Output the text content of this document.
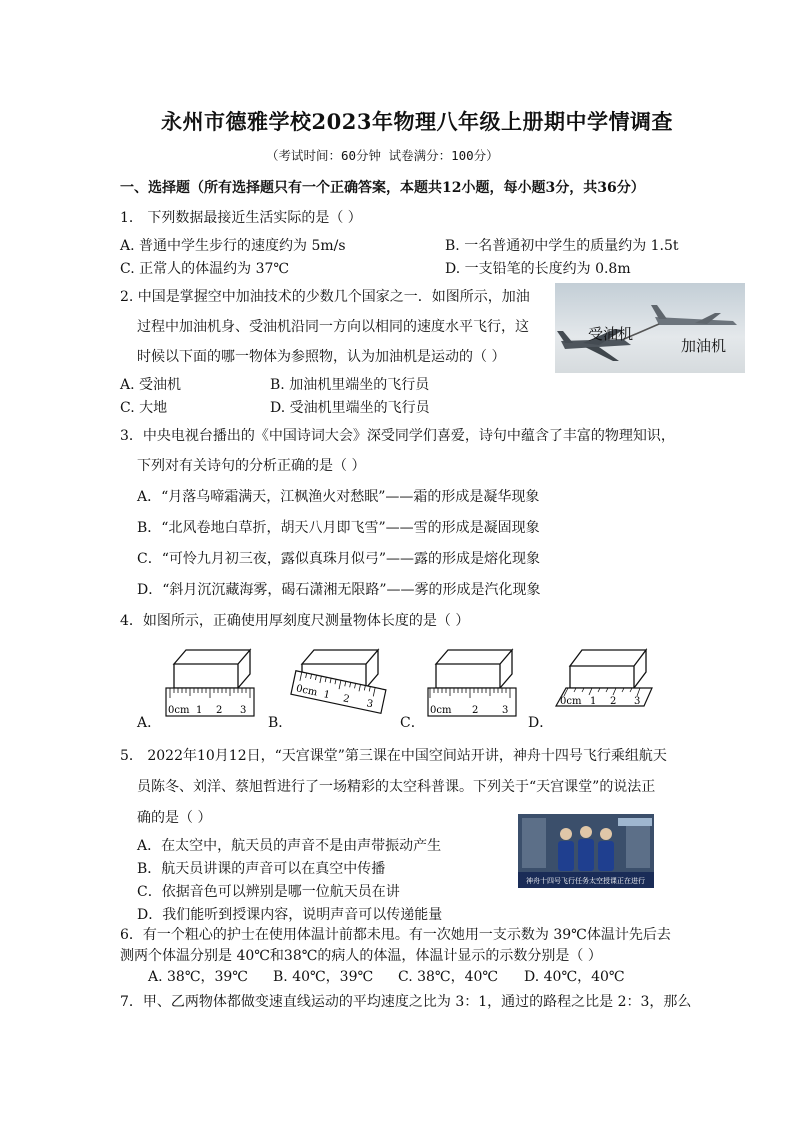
永州市德雅学校2023年物理八年级上册期中学情调查
（考试时间：60分钟 试卷满分：100分）
一、选择题（所有选择题只有一个正确答案，本题共12小题，每小题3分，共36分）
1． 下列数据最接近生活实际的是（ ）
A. 普通中学生步行的速度约为 5m/s	B. 一名普通初中学生的质量约为 1.5t
C. 正常人的体温约为 37℃	D. 一支铅笔的长度约为 0.8m
2. 中国是掌握空中加油技术的少数几个国家之一．如图所示，加油
过程中加油机身、受油机沿同一方向以相同的速度水平飞行，这
时候以下面的哪一物体为参照物，认为加油机是运动的（ ）
A. 受油机	B. 加油机里端坐的飞行员
C. 大地	D. 受油机里端坐的飞行员
受油机
加油机
3．中央电视台播出的《中国诗词大会》深受同学们喜爱，诗句中蕴含了丰富的物理知识，
下列对有关诗句的分析正确的是（ ）
A．“月落乌啼霜满天，江枫渔火对愁眠”——霜的形成是凝华现象
B．“北风卷地白草折，胡天八月即飞雪”——雪的形成是凝固现象
C．“可怜九月初三夜，露似真珠月似弓”——露的形成是熔化现象
D．“斜月沉沉藏海雾，碣石潇湘无限路”——雾的形成是汽化现象
4．如图所示，正确使用厚刻度尺测量物体长度的是（ ）
A．
0cm 1 2 3
B．
0cm 1 2 3
C．
0cm 2 3
D．
0cm 1 2 3
5． 2022年10月12日，“天宫课堂”第三课在中国空间站开讲，神舟十四号飞行乘组航天
员陈冬、刘洋、蔡旭哲进行了一场精彩的太空科普课。下列关于“天宫课堂”的说法正
确的是（ ）
A．在太空中，航天员的声音不是由声带振动产生
B．航天员讲课的声音可以在真空中传播
C．依据音色可以辨别是哪一位航天员在讲
D．我们能听到授课内容，说明声音可以传递能量
神舟十四号飞行任务太空授课正在进行
6．有一个粗心的护士在使用体温计前都未甩。有一次她用一支示数为 39℃体温计先后去
测两个体温分别是 40℃和38℃的病人的体温，体温计显示的示数分别是（ ）
A. 38℃，39℃ B. 40℃，39℃ C. 38℃，40℃ D. 40℃，40℃
7．甲、乙两物体都做变速直线运动的平均速度之比为 3：1，通过的路程之比是 2：3，那么
